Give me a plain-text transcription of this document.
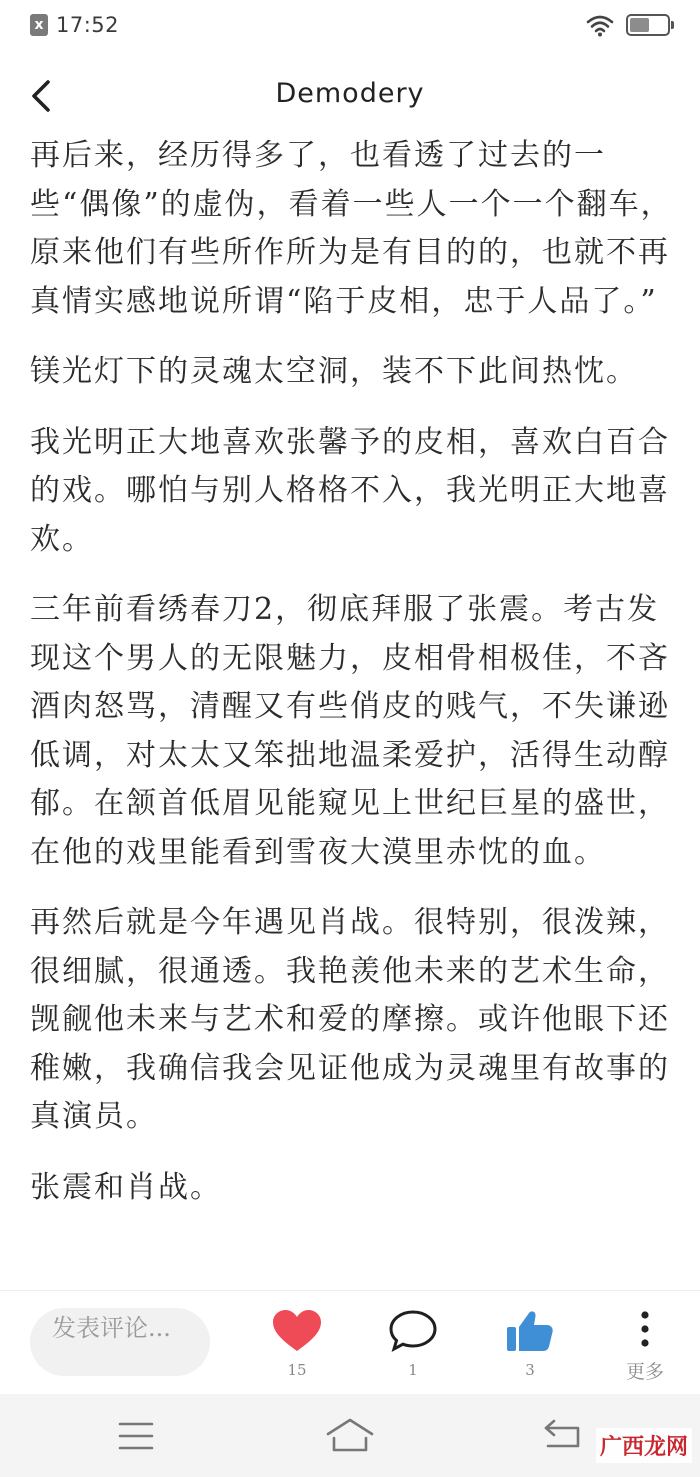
x 17:52
Demodery

再后来，经历得多了，也看透了过去的一些“偶像”的虚伪，看着一些人一个一个翻车，原来他们有些所作所为是有目的的，也就不再真情实感地说所谓“陷于皮相，忠于人品了。”

镁光灯下的灵魂太空洞，装不下此间热忱。

我光明正大地喜欢张馨予的皮相，喜欢白百合的戏。哪怕与别人格格不入，我光明正大地喜欢。

三年前看绣春刀2，彻底拜服了张震。考古发现这个男人的无限魅力，皮相骨相极佳，不吝酒肉怒骂，清醒又有些俏皮的贱气，不失谦逊低调，对太太又笨拙地温柔爱护，活得生动醇郁。在颔首低眉见能窥见上世纪巨星的盛世，在他的戏里能看到雪夜大漠里赤忱的血。

再然后就是今年遇见肖战。很特别，很泼辣，很细腻，很通透。我艳羡他未来的艺术生命，觊觎他未来与艺术和爱的摩擦。或许他眼下还稚嫩，我确信我会见证他成为灵魂里有故事的真演员。

张震和肖战。

发表评论...
15	1	3	更多
广西龙网
